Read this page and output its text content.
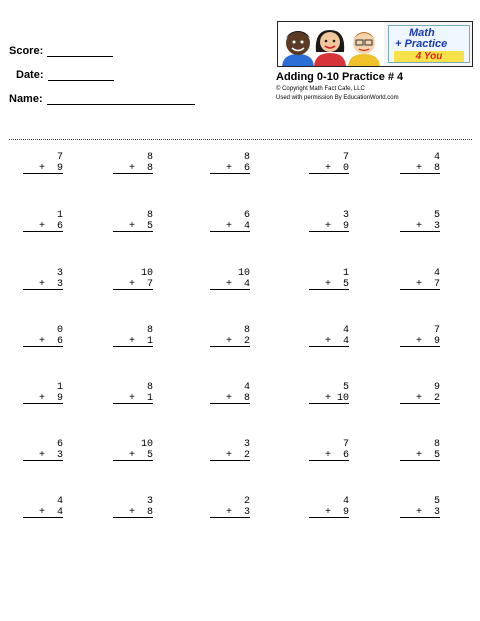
Score:
Date:
Name:
Math
+ Practice
4 You
Adding 0-10 Practice # 4
© Copyright Math Fact Cafe, LLC
Used with permission By EducationWorld.com
7
+  9
8
+  8
8
+  6
7
+  0
4
+  8
1
+  6
8
+  5
6
+  4
3
+  9
5
+  3
3
+  3
10
+  7
10
+  4
1
+  5
4
+  7
0
+  6
8
+  1
8
+  2
4
+  4
7
+  9
1
+  9
8
+  1
4
+  8
5
+ 10
9
+  2
6
+  3
10
+  5
3
+  2
7
+  6
8
+  5
4
+  4
3
+  8
2
+  3
4
+  9
5
+  3
